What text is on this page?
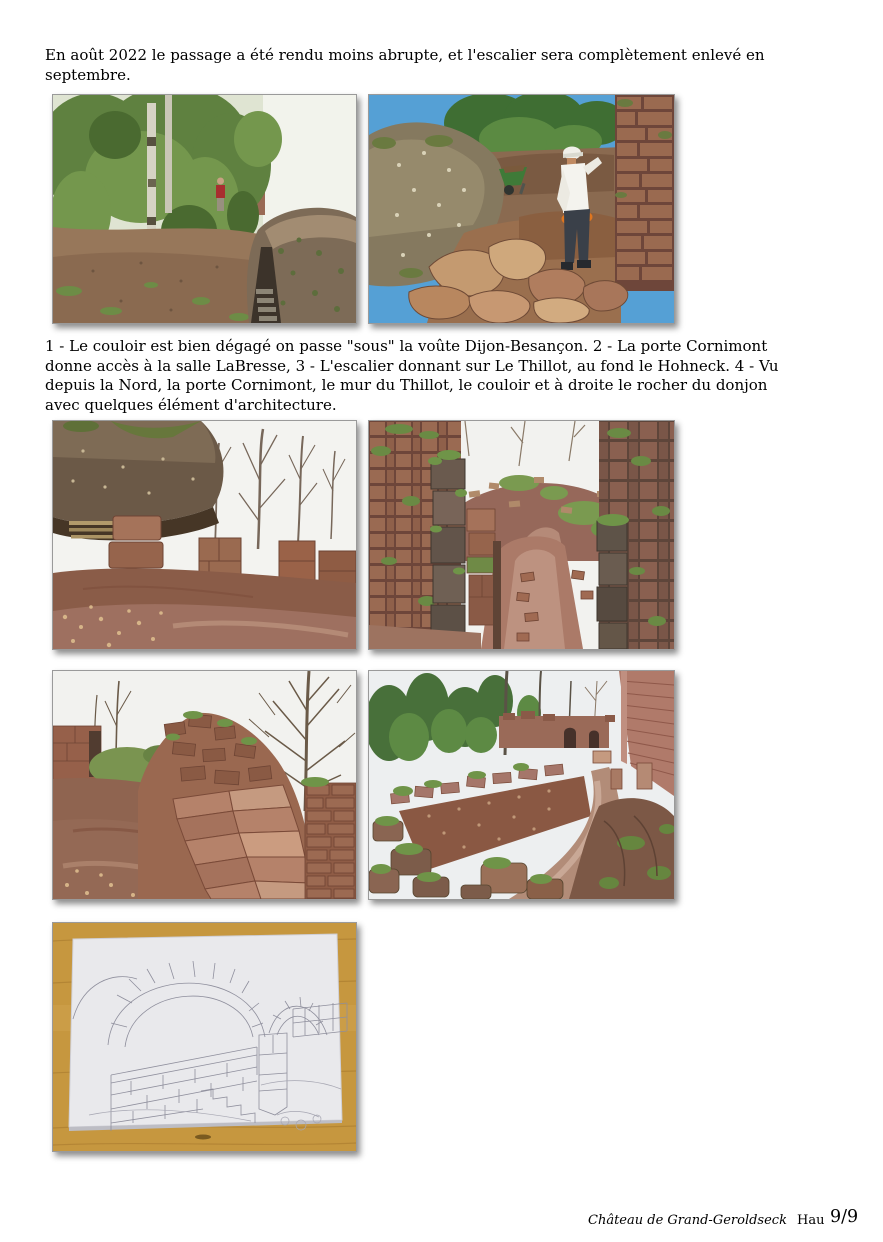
En août 2022 le passage a été rendu moins abrupte, et l'escalier sera complètement enlevé en
septembre.
1 - Le couloir est bien dégagé on passe "sous" la voûte Dijon-Besançon. 2 - La porte Cornimont
donne accès à la salle LaBresse, 3 - L'escalier donnant sur Le Thillot, au fond le Hohneck. 4 - Vu
depuis la Nord, la porte Cornimont, le mur du Thillot, le couloir et à droite le rocher du donjon
avec quelques élément d'architecture.
Château de Grand-Geroldseck Hau 9/9
